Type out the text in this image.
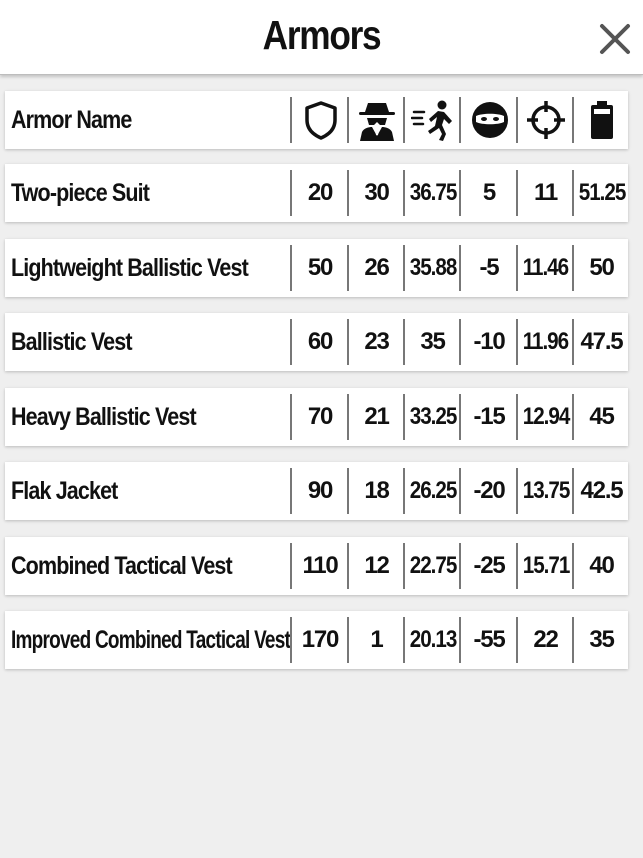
Armors
Armor Name
Two-piece Suit	20	30 36.75	5	11 51.25
Lightweight Ballistic Vest	50	26 35.88 -5	11.46 50
Ballistic Vest	60	23	35	-10 11.96 47.5
Heavy Ballistic Vest	70	21 33.25 -15 12.94 45
Flak Jacket	90	18 26.25 -20 13.75 42.5
Combined Tactical Vest	110	12 22.75 -25 15.71 40
Improved Combined Tactical Vest 170	1	20.13 -55	22	35
